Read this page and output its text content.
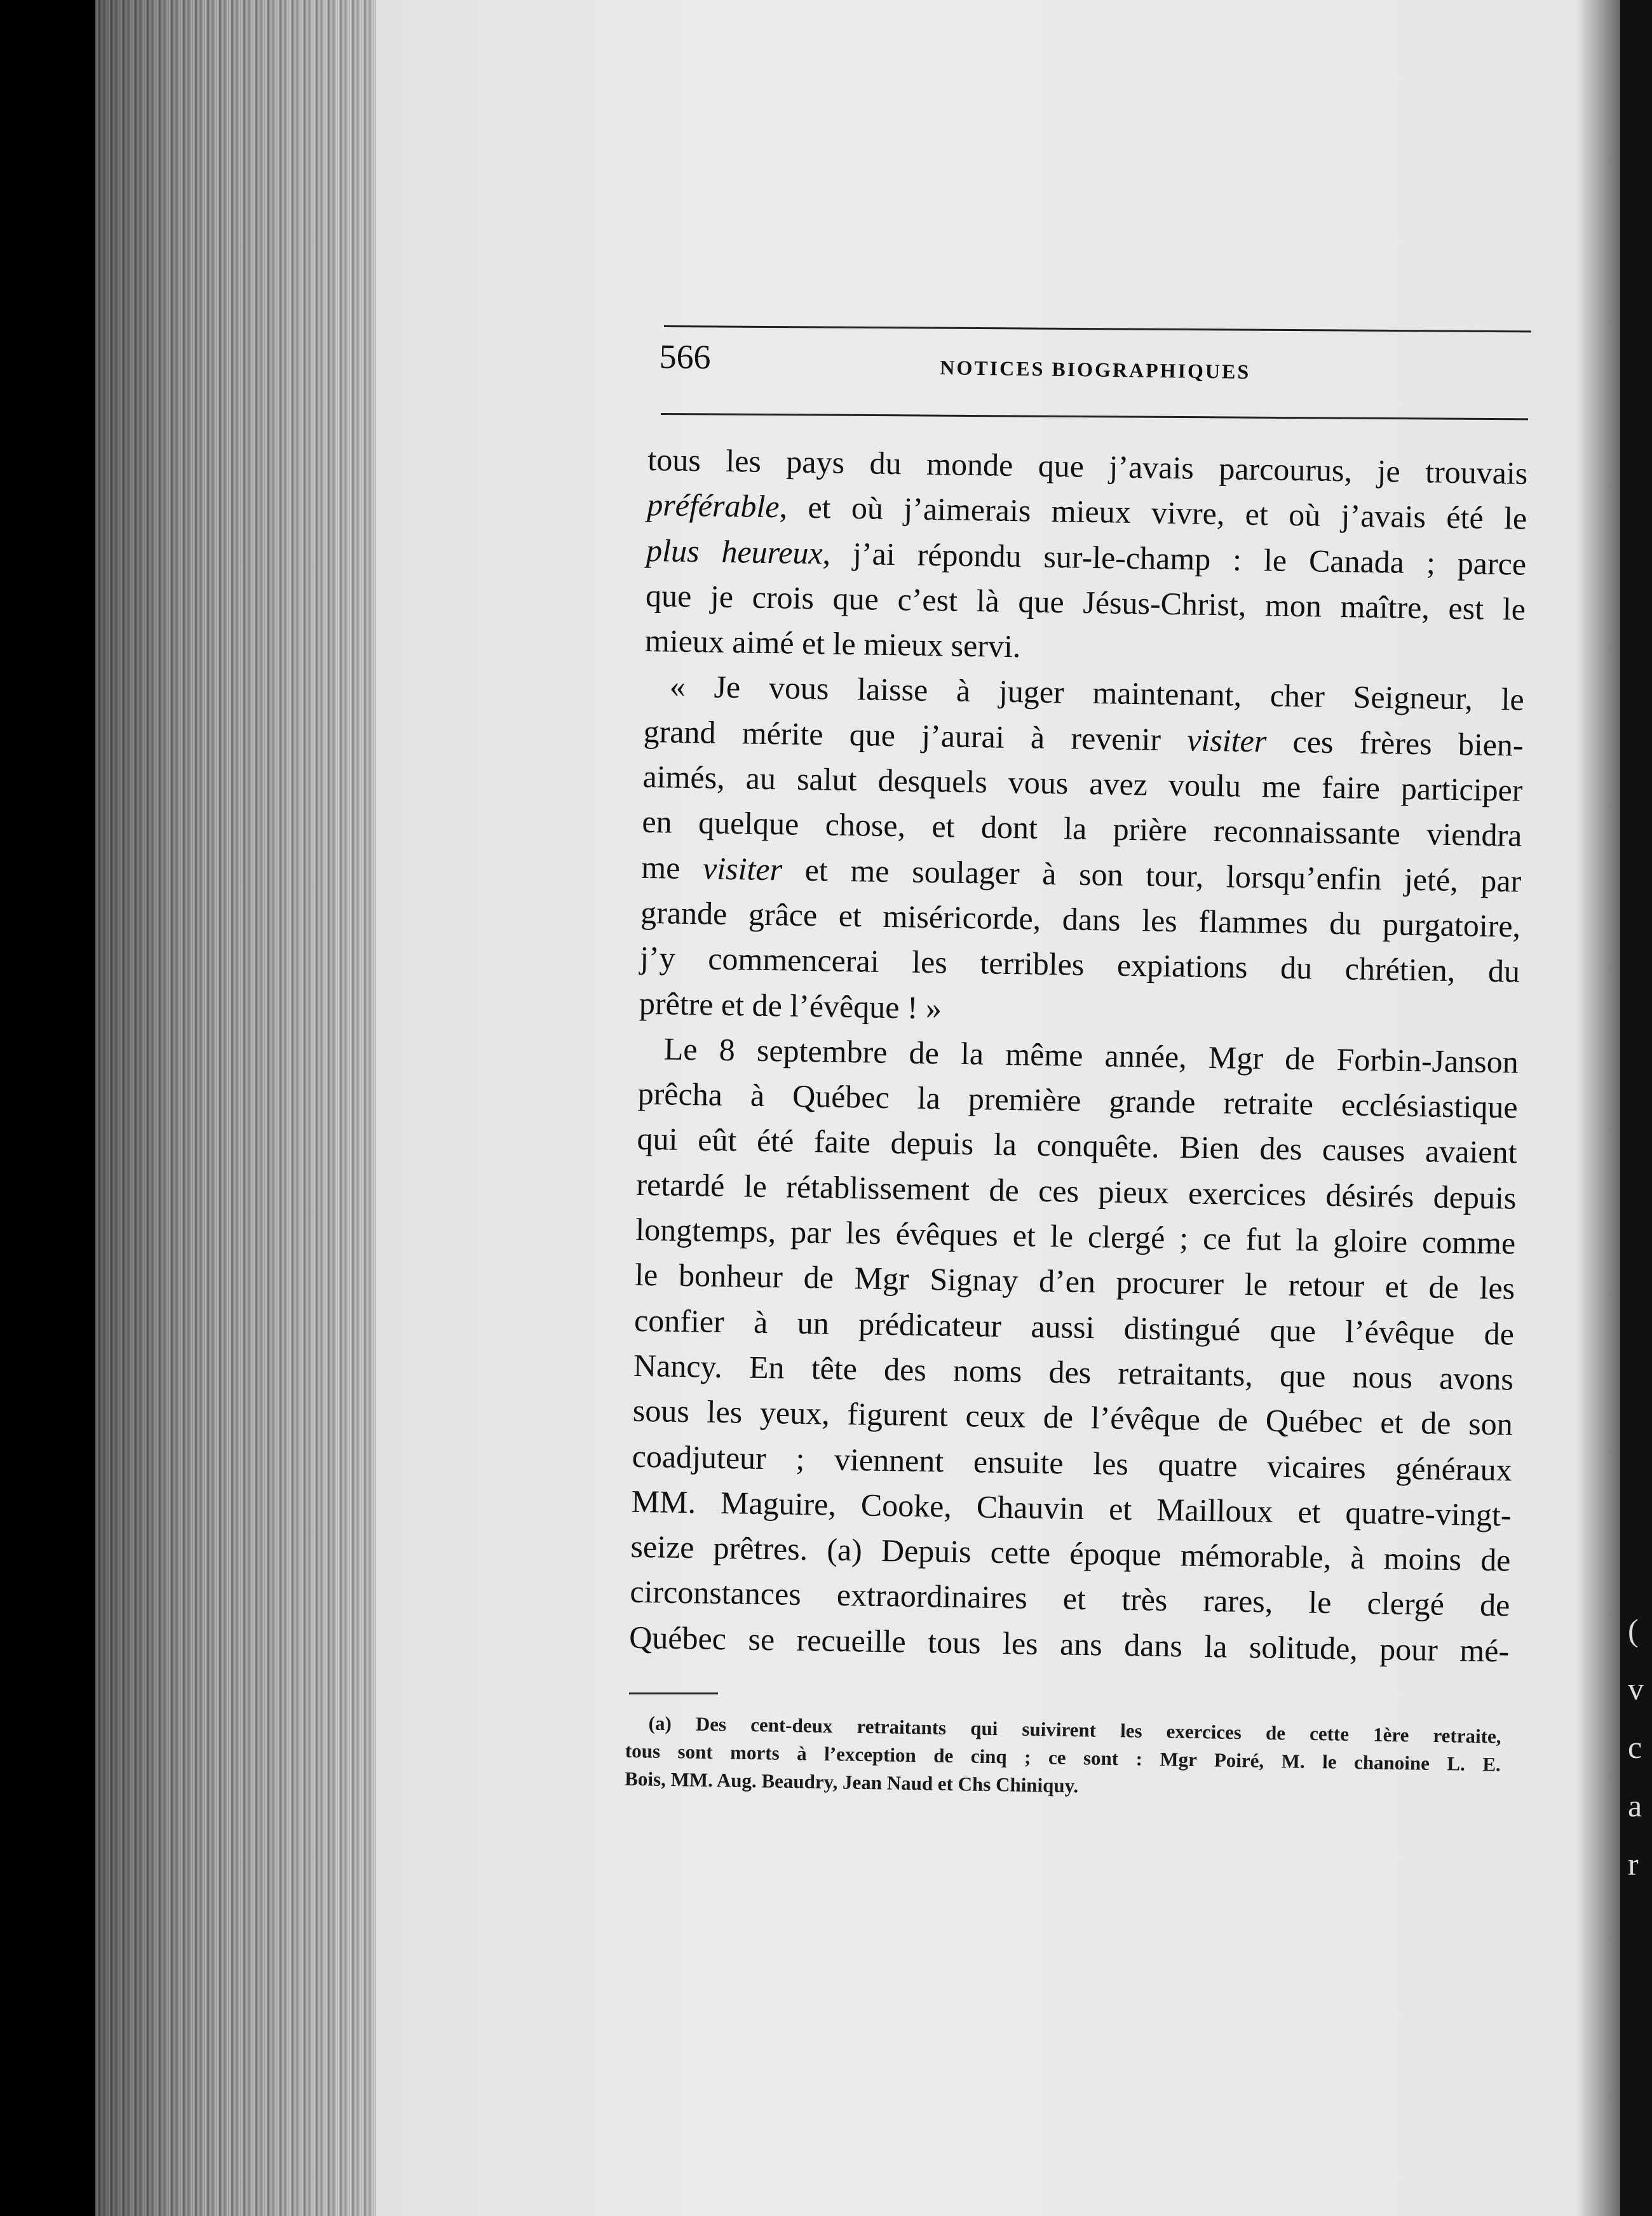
(
v
c
a
r
566	NOTICES BIOGRAPHIQUES
tous les pays du monde que j’avais parcourus, je trouvais
préférable, et où j’aimerais mieux vivre, et où j’avais été le
plus heureux, j’ai répondu sur-le-champ : le Canada ; parce
que je crois que c’est là que Jésus-Christ, mon maître, est le
mieux aimé et le mieux servi.
« Je vous laisse à juger maintenant, cher Seigneur, le
grand mérite que j’aurai à revenir visiter ces frères bien-
aimés, au salut desquels vous avez voulu me faire participer
en quelque chose, et dont la prière reconnaissante viendra
me visiter et me soulager à son tour, lorsqu’enfin jeté, par
grande grâce et miséricorde, dans les flammes du purgatoire,
j’y commencerai les terribles expiations du chrétien, du
prêtre et de l’évêque ! »
Le 8 septembre de la même année, Mgr de Forbin-Janson
prêcha à Québec la première grande retraite ecclésiastique
qui eût été faite depuis la conquête. Bien des causes avaient
retardé le rétablissement de ces pieux exercices désirés depuis
longtemps, par les évêques et le clergé ; ce fut la gloire comme
le bonheur de Mgr Signay d’en procurer le retour et de les
confier à un prédicateur aussi distingué que l’évêque de
Nancy. En tête des noms des retraitants, que nous avons
sous les yeux, figurent ceux de l’évêque de Québec et de son
coadjuteur ; viennent ensuite les quatre vicaires généraux
MM. Maguire, Cooke, Chauvin et Mailloux et quatre-vingt-
seize prêtres. (a) Depuis cette époque mémorable, à moins de
circonstances extraordinaires et très rares, le clergé de
Québec se recueille tous les ans dans la solitude, pour mé-
(a) Des cent-deux retraitants qui suivirent les exercices de cette 1ère retraite,
tous sont morts à l’exception de cinq ; ce sont : Mgr Poiré, M. le chanoine L. E.
Bois, MM. Aug. Beaudry, Jean Naud et Chs Chiniquy.
